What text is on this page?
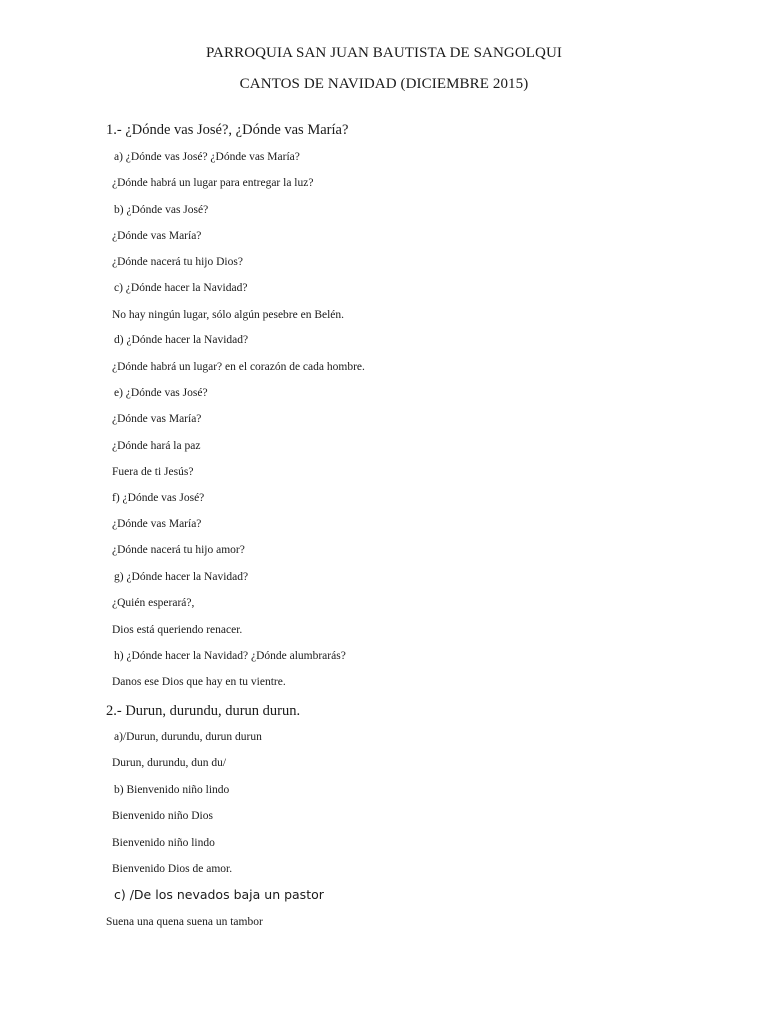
PARROQUIA SAN JUAN BAUTISTA DE SANGOLQUI
CANTOS DE NAVIDAD (DICIEMBRE 2015)
1.- ¿Dónde vas José?, ¿Dónde vas María?
a) ¿Dónde vas José? ¿Dónde vas María?
¿Dónde habrá un lugar para entregar la luz?
b) ¿Dónde vas José?
¿Dónde vas María?
¿Dónde nacerá tu hijo Dios?
c) ¿Dónde hacer la Navidad?
No hay ningún lugar, sólo algún pesebre en Belén.
d) ¿Dónde hacer la Navidad?
¿Dónde habrá un lugar? en el corazón de cada hombre.
e) ¿Dónde vas José?
¿Dónde vas María?
¿Dónde hará la paz
Fuera de ti Jesús?
f) ¿Dónde vas José?
¿Dónde vas María?
¿Dónde nacerá tu hijo amor?
g) ¿Dónde hacer la Navidad?
¿Quién esperará?,
Dios está queriendo renacer.
h) ¿Dónde hacer la Navidad? ¿Dónde alumbrarás?
Danos ese Dios que hay en tu vientre.
2.- Durun, durundu, durun durun.
a)/Durun, durundu, durun durun
Durun, durundu, dun du/
b) Bienvenido niño lindo
Bienvenido niño Dios
Bienvenido niño lindo
Bienvenido Dios de amor.
c) /De los nevados baja un pastor
Suena una quena suena un tambor
